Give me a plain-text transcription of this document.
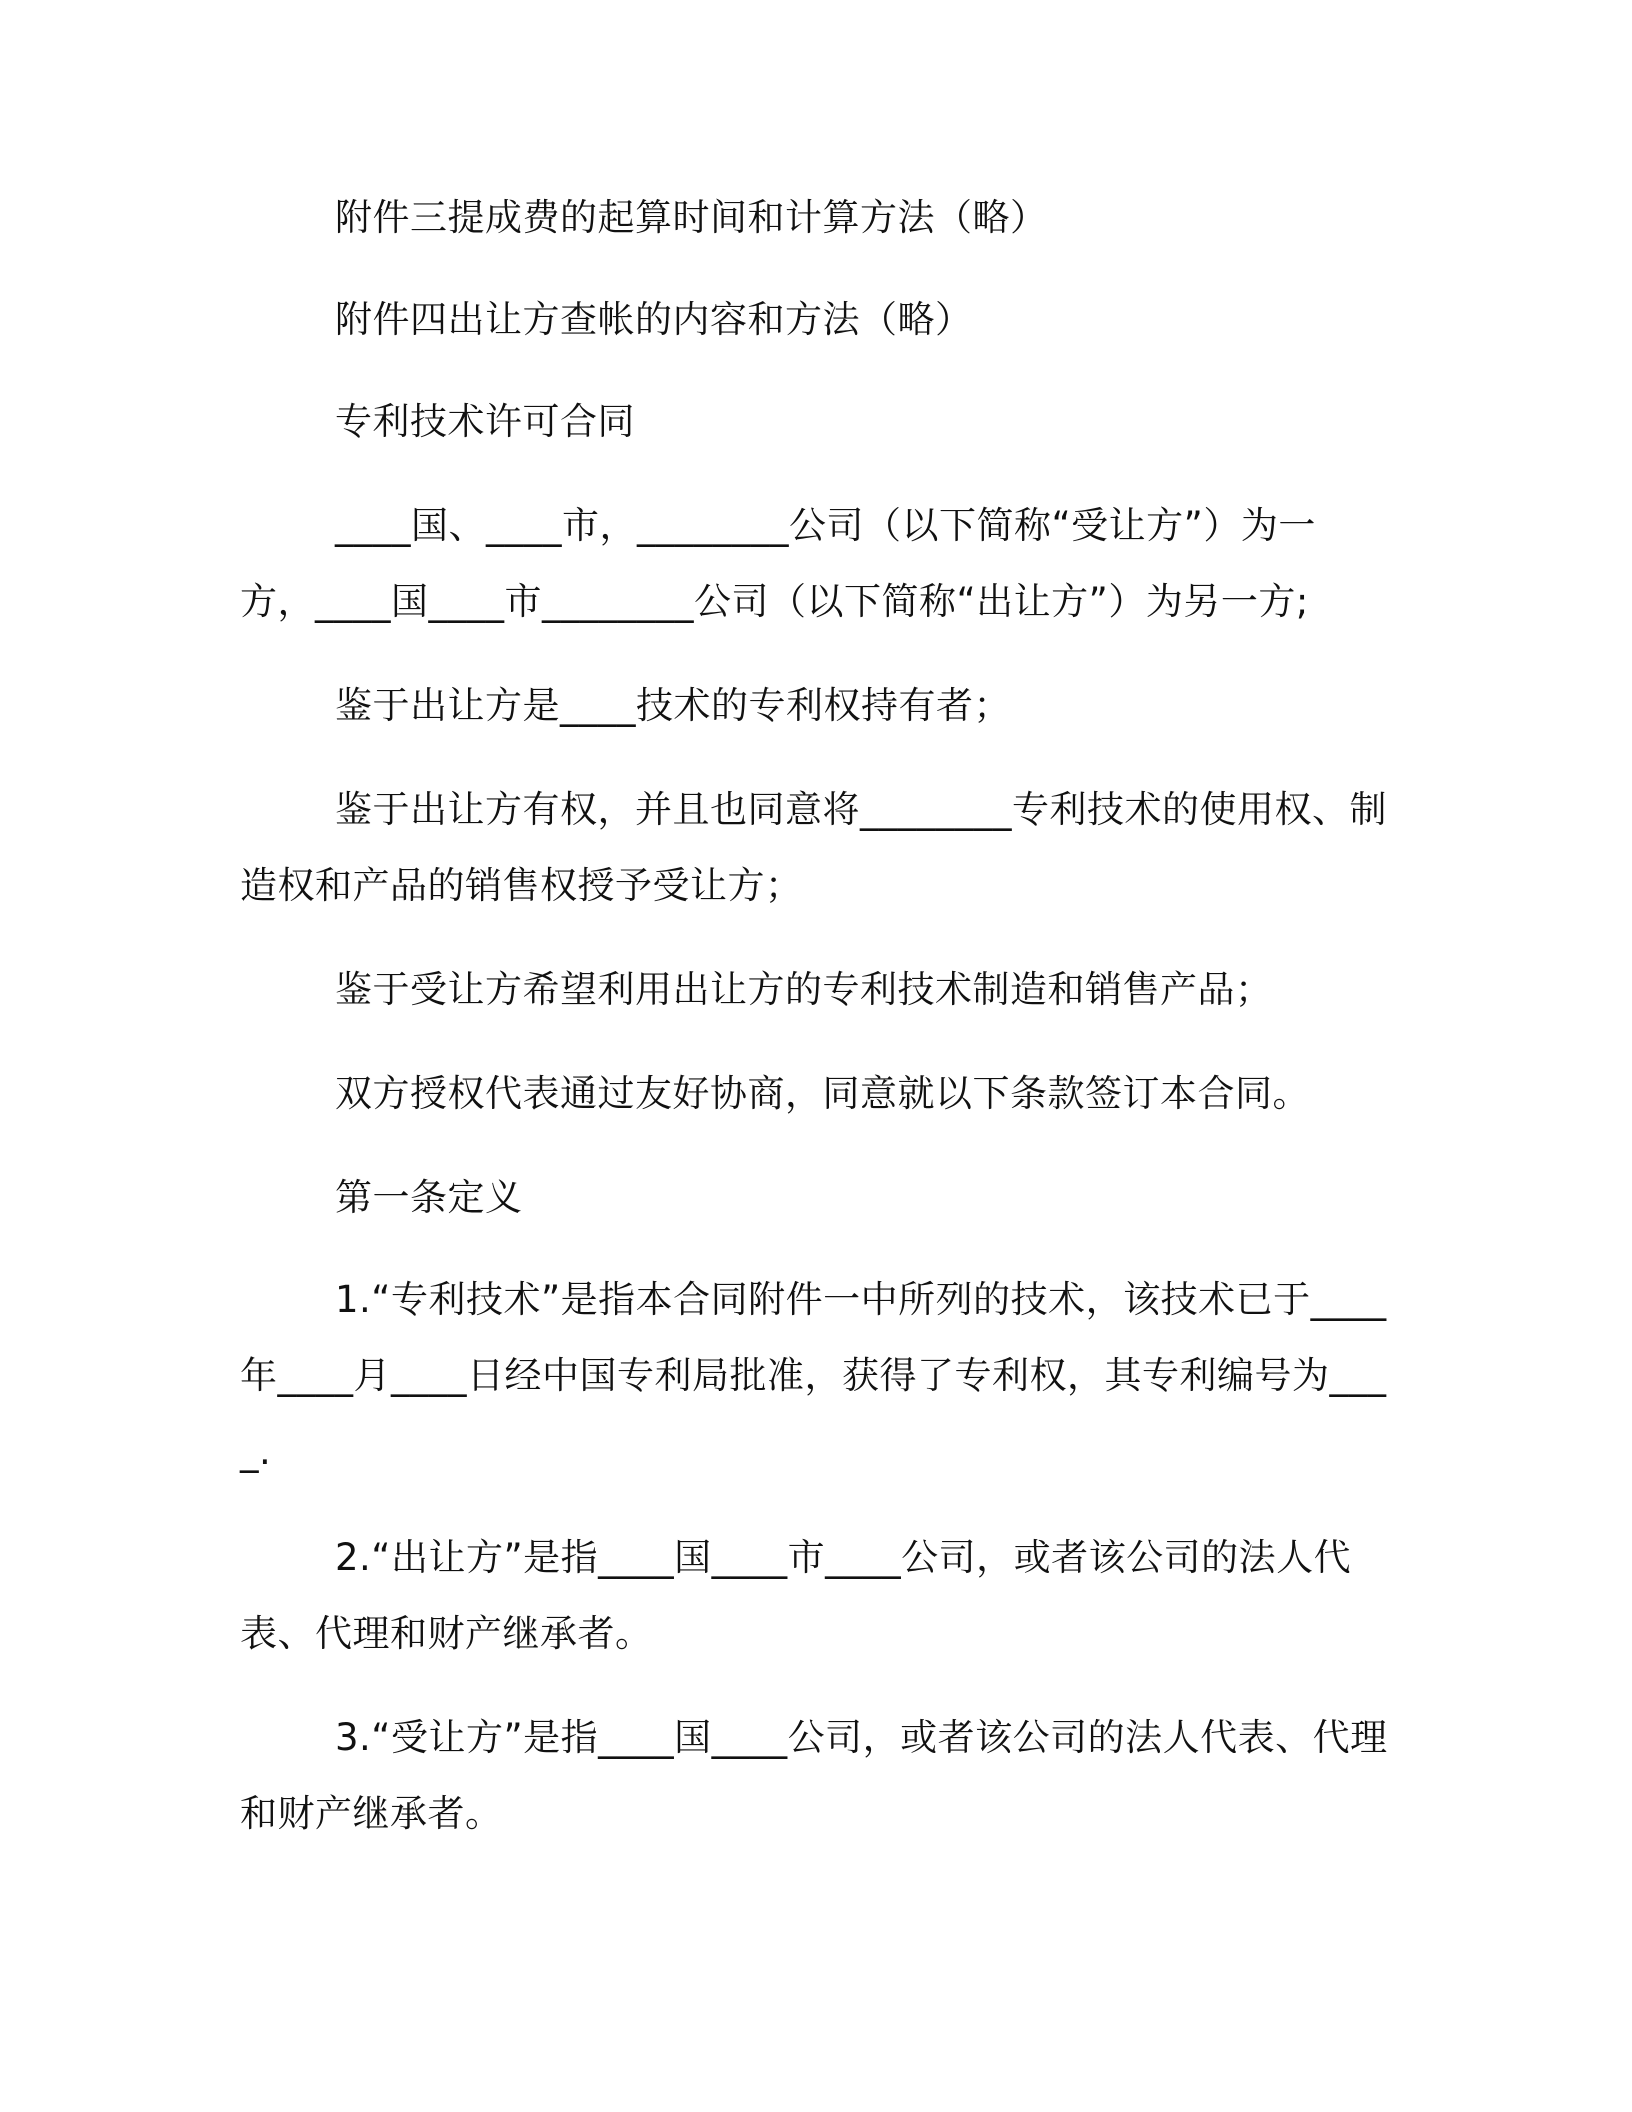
附件三提成费的起算时间和计算方法（略）

附件四出让方查帐的内容和方法（略）

专利技术许可合同

____国、____市，________公司（以下简称“受让方”）为一方，____国____市________公司（以下简称“出让方”）为另一方;

鉴于出让方是____技术的专利权持有者；

鉴于出让方有权，并且也同意将________专利技术的使用权、制造权和产品的销售权授予受让方；

鉴于受让方希望利用出让方的专利技术制造和销售产品；

双方授权代表通过友好协商，同意就以下条款签订本合同。

第一条定义

1.“专利技术”是指本合同附件一中所列的技术，该技术已于____年____月____日经中国专利局批准，获得了专利权，其专利编号为____.

2.“出让方”是指____国____市____公司，或者该公司的法人代表、代理和财产继承者。

3.“受让方”是指____国____公司，或者该公司的法人代表、代理和财产继承者。
